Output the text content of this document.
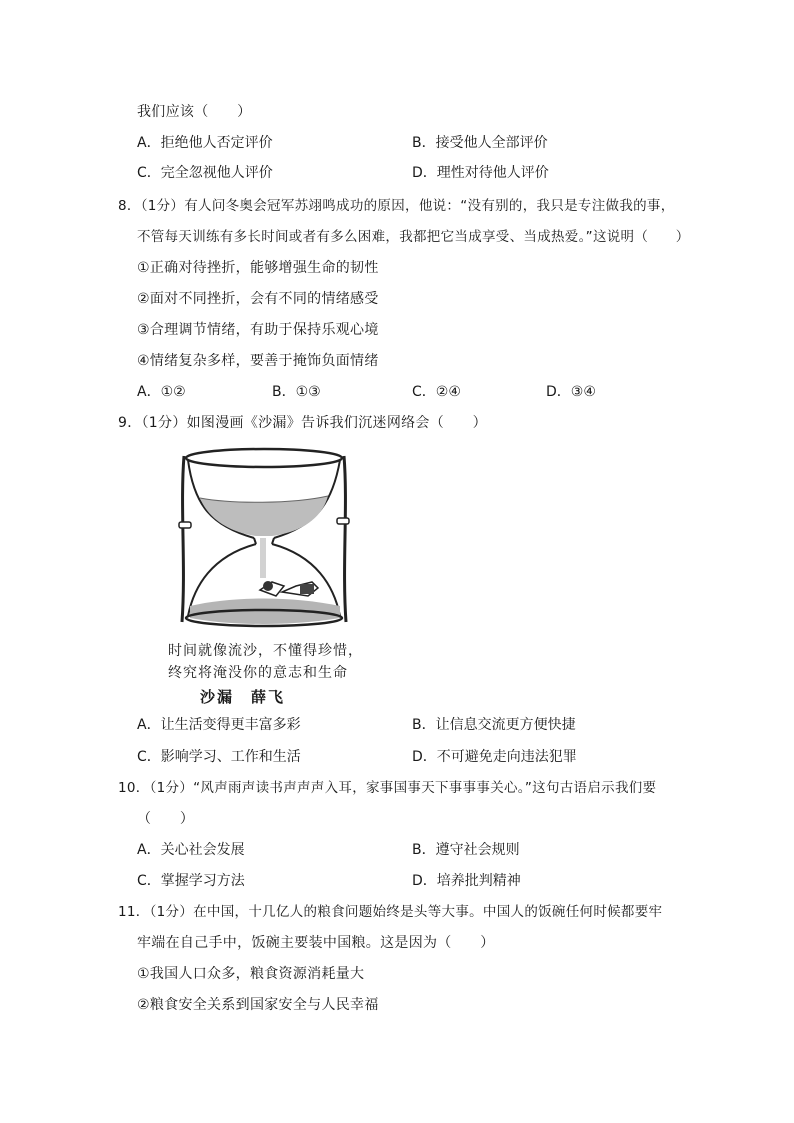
我们应该（　　）
A．拒绝他人否定评价	B．接受他人全部评价
C．完全忽视他人评价	D．理性对待他人评价
8．（1分）有人问冬奥会冠军苏翊鸣成功的原因，他说：“没有别的，我只是专注做我的事，
不管每天训练有多长时间或者有多么困难，我都把它当成享受、当成热爱。”这说明（　　）
①正确对待挫折，能够增强生命的韧性
②面对不同挫折，会有不同的情绪感受
③合理调节情绪，有助于保持乐观心境
④情绪复杂多样，要善于掩饰负面情绪
A．①②	B．①③	C．②④	D．③④
9．（1分）如图漫画《沙漏》告诉我们沉迷网络会（　　）
时间就像流沙，不懂得珍惜，
终究将淹没你的意志和生命
沙漏　薛飞
A．让生活变得更丰富多彩	B．让信息交流更方便快捷
C．影响学习、工作和生活	D．不可避免走向违法犯罪
10．（1分）“风声雨声读书声声声入耳，家事国事天下事事事关心。”这句古语启示我们要
（　　）
A．关心社会发展	B．遵守社会规则
C．掌握学习方法	D．培养批判精神
11．（1分）在中国，十几亿人的粮食问题始终是头等大事。中国人的饭碗任何时候都要牢
牢端在自己手中，饭碗主要装中国粮。这是因为（　　）
①我国人口众多，粮食资源消耗量大
②粮食安全关系到国家安全与人民幸福
